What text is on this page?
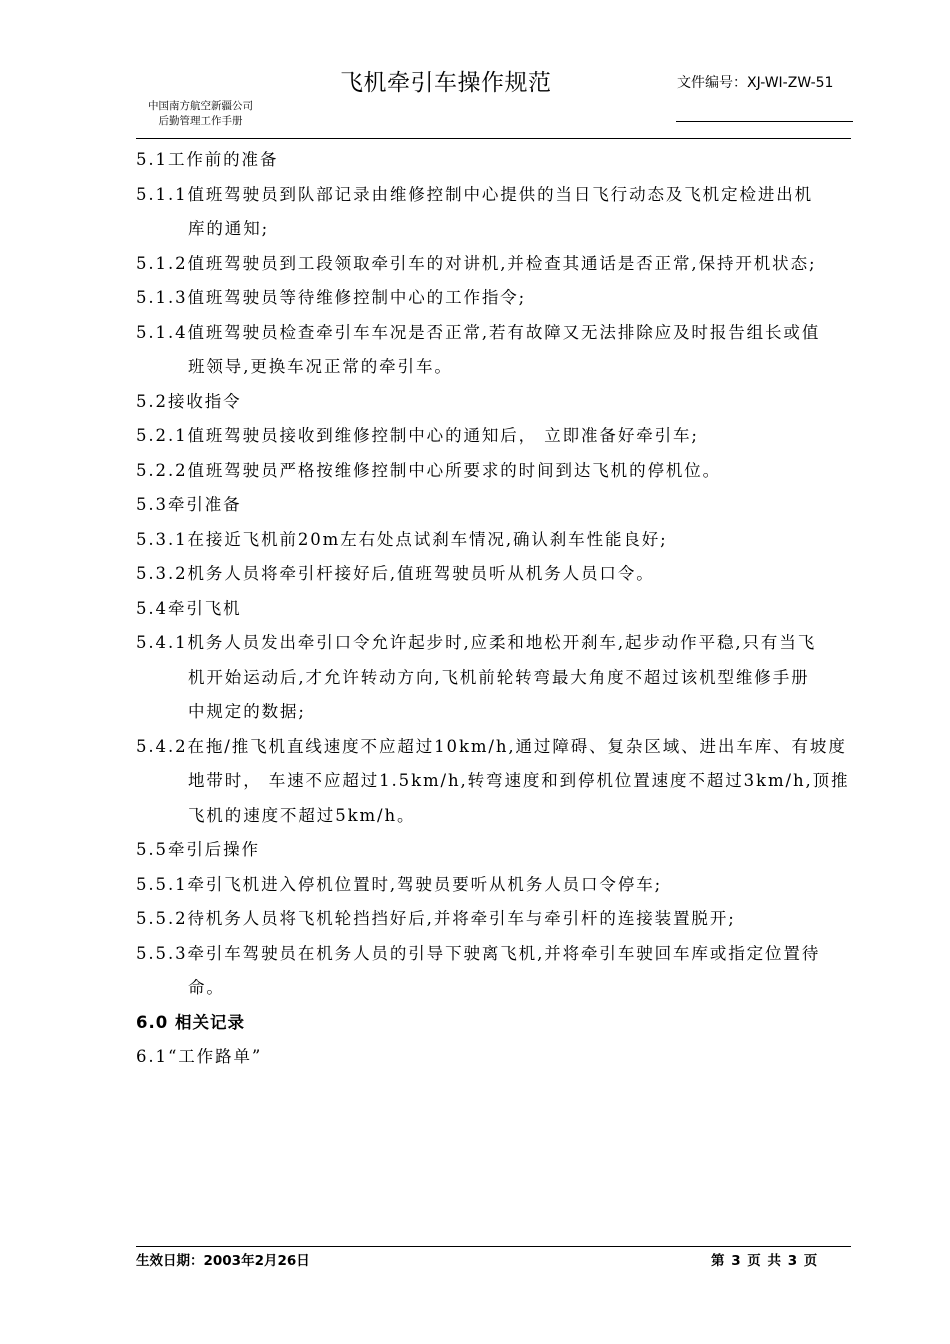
飞机牵引车操作规范	文件编号：XJ-WI-ZW-51
中国南方航空新疆公司
后勤管理工作手册
5.1工作前的准备
5.1.1值班驾驶员到队部记录由维修控制中心提供的当日飞行动态及飞机定检进出机
库的通知;
5.1.2值班驾驶员到工段领取牵引车的对讲机,并检查其通话是否正常,保持开机状态;
5.1.3值班驾驶员等待维修控制中心的工作指令;
5.1.4值班驾驶员检查牵引车车况是否正常,若有故障又无法排除应及时报告组长或值
班领导,更换车况正常的牵引车。
5.2接收指令
5.2.1值班驾驶员接收到维修控制中心的通知后， 立即准备好牵引车;
5.2.2值班驾驶员严格按维修控制中心所要求的时间到达飞机的停机位。
5.3牵引准备
5.3.1在接近飞机前20m左右处点试刹车情况,确认刹车性能良好;
5.3.2机务人员将牵引杆接好后,值班驾驶员听从机务人员口令。
5.4牵引飞机
5.4.1机务人员发出牵引口令允许起步时,应柔和地松开刹车,起步动作平稳,只有当飞
机开始运动后,才允许转动方向,飞机前轮转弯最大角度不超过该机型维修手册
中规定的数据;
5.4.2在拖/推飞机直线速度不应超过10km/h,通过障碍、复杂区域、进出车库、有坡度
地带时， 车速不应超过1.5km/h,转弯速度和到停机位置速度不超过3km/h,顶推
飞机的速度不超过5km/h。
5.5牵引后操作
5.5.1牵引飞机进入停机位置时,驾驶员要听从机务人员口令停车;
5.5.2待机务人员将飞机轮挡挡好后,并将牵引车与牵引杆的连接装置脱开;
5.5.3牵引车驾驶员在机务人员的引导下驶离飞机,并将牵引车驶回车库或指定位置待
命。
6.0 相关记录
6.1“工作路单”
生效日期：2003年2月26日	第 3 页 共 3 页
